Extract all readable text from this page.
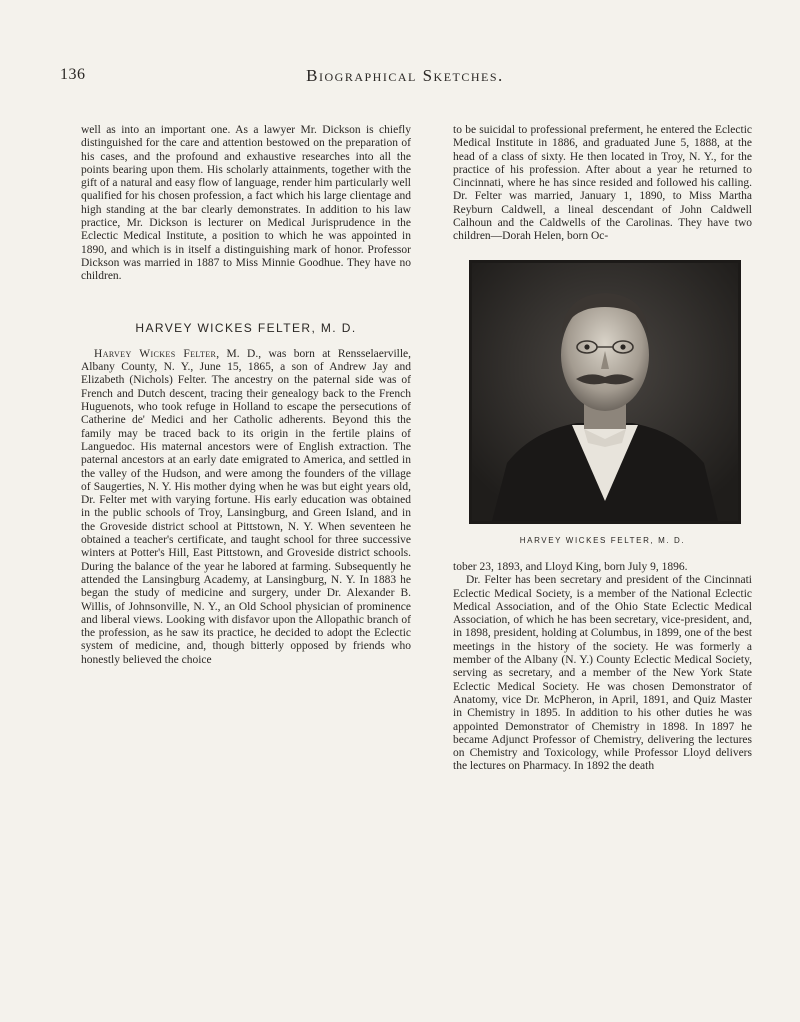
136	Biographical Sketches.

well as into an important one. As a lawyer Mr. Dickson is chiefly distinguished for the care and attention bestowed on the preparation of his cases, and the profound and exhaustive researches into all the points bearing upon them. His scholarly attainments, together with the gift of a natural and easy flow of language, render him particularly well qualified for his chosen profession, a fact which his large clientage and high standing at the bar clearly demonstrates. In addition to his law practice, Mr. Dickson is lecturer on Medical Jurisprudence in the Eclectic Medical Institute, a position to which he was appointed in 1890, and which is in itself a distinguishing mark of honor. Professor Dickson was married in 1887 to Miss Minnie Goodhue. They have no children.

HARVEY WICKES FELTER, M. D.

Harvey Wickes Felter, M. D., was born at Rensselaerville, Albany County, N. Y., June 15, 1865, a son of Andrew Jay and Elizabeth (Nichols) Felter. The ancestry on the paternal side was of French and Dutch descent, tracing their genealogy back to the French Huguenots, who took refuge in Holland to escape the persecutions of Catherine de' Medici and her Catholic adherents. Beyond this the family may be traced back to its origin in the fertile plains of Languedoc. His maternal ancestors were of English extraction. The paternal ancestors at an early date emigrated to America, and settled in the valley of the Hudson, and were among the founders of the village of Saugerties, N. Y. His mother dying when he was but eight years old, Dr. Felter met with varying fortune. His early education was obtained in the public schools of Troy, Lansingburg, and Green Island, and in the Groveside district school at Pittstown, N. Y. When seventeen he obtained a teacher's certificate, and taught school for three successive winters at Potter's Hill, East Pittstown, and Groveside district schools. During the balance of the year he labored at farming. Subsequently he attended the Lansingburg Academy, at Lansingburg, N. Y. In 1883 he began the study of medicine and surgery, under Dr. Alexander B. Willis, of Johnsonville, N. Y., an Old School physician of prominence and liberal views. Looking with disfavor upon the Allopathic branch of the profession, as he saw its practice, he decided to adopt the Eclectic system of medicine, and, though bitterly opposed by friends who honestly believed the choice

to be suicidal to professional preferment, he entered the Eclectic Medical Institute in 1886, and graduated June 5, 1888, at the head of a class of sixty. He then located in Troy, N. Y., for the practice of his profession. After about a year he returned to Cincinnati, where he has since resided and followed his calling. Dr. Felter was married, January 1, 1890, to Miss Martha Reyburn Caldwell, a lineal descendant of John Caldwell Calhoun and the Caldwells of the Carolinas. They have two children—Dorah Helen, born Oc-

HARVEY WICKES FELTER, M. D.

tober 23, 1893, and Lloyd King, born July 9, 1896.

Dr. Felter has been secretary and president of the Cincinnati Eclectic Medical Society, is a member of the National Eclectic Medical Association, and of the Ohio State Eclectic Medical Association, of which he has been secretary, vice-president, and, in 1898, president, holding at Columbus, in 1899, one of the best meetings in the history of the society. He was formerly a member of the Albany (N. Y.) County Eclectic Medical Society, serving as secretary, and a member of the New York State Eclectic Medical Society. He was chosen Demonstrator of Anatomy, vice Dr. McPheron, in April, 1891, and Quiz Master in Chemistry in 1895. In addition to his other duties he was appointed Demonstrator of Chemistry in 1898. In 1897 he became Adjunct Professor of Chemistry, delivering the lectures on Chemistry and Toxicology, while Professor Lloyd delivers the lectures on Pharmacy. In 1892 the death
